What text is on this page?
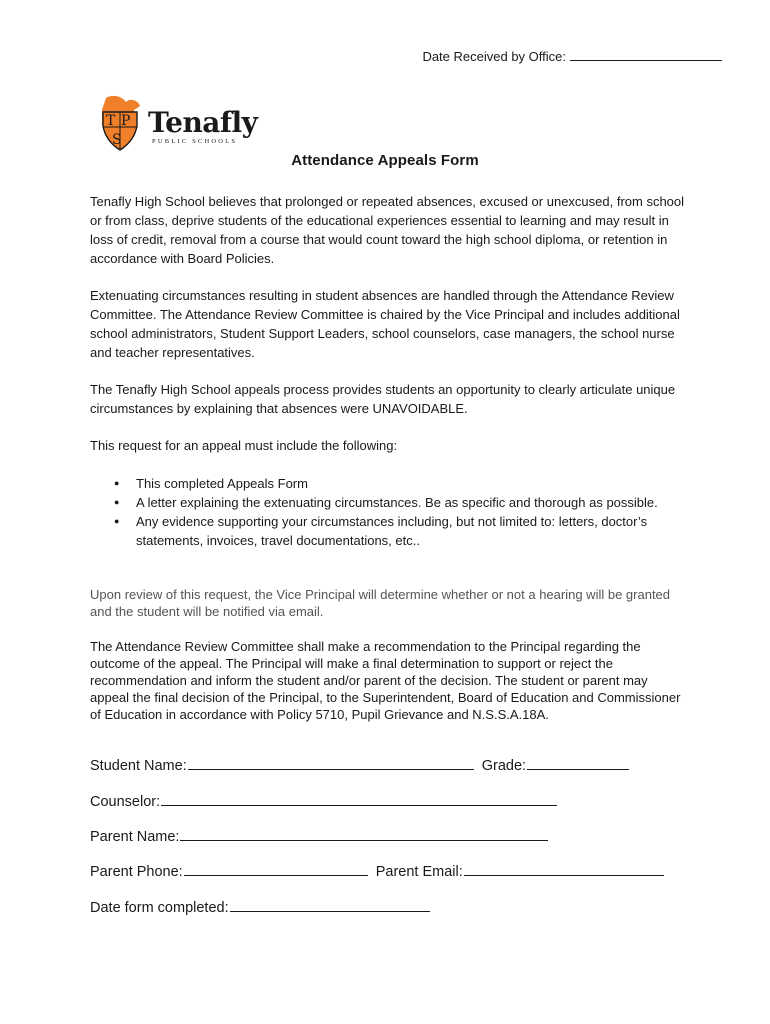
Date Received by Office:
T P
S
Tenafly
PUBLIC SCHOOLS
Attendance Appeals Form

Tenafly High School believes that prolonged or repeated absences, excused or unexcused, from school or from class, deprive students of the educational experiences essential to learning and may result in loss of credit, removal from a course that would count toward the high school diploma, or retention in accordance with Board Policies.

Extenuating circumstances resulting in student absences are handled through the Attendance Review Committee. The Attendance Review Committee is chaired by the Vice Principal and includes additional school administrators, Student Support Leaders, school counselors, case managers, the school nurse and teacher representatives.

The Tenafly High School appeals process provides students an opportunity to clearly articulate unique circumstances by explaining that absences were UNAVOIDABLE.

This request for an appeal must include the following:

● This completed Appeals Form
● A letter explaining the extenuating circumstances. Be as specific and thorough as possible.
● Any evidence supporting your circumstances including, but not limited to: letters, doctor’s statements, invoices, travel documentations, etc..

Upon review of this request, the Vice Principal will determine whether or not a hearing will be granted and the student will be notified via email.

The Attendance Review Committee shall make a recommendation to the Principal regarding the outcome of the appeal. The Principal will make a final determination to support or reject the recommendation and inform the student and/or parent of the decision. The student or parent may appeal the final decision of the Principal, to the Superintendent, Board of Education and Commissioner of Education in accordance with Policy 5710, Pupil Grievance and N.S.S.A.18A.

Student Name:	Grade:
Counselor:
Parent Name:
Parent Phone:	Parent Email:
Date form completed:
